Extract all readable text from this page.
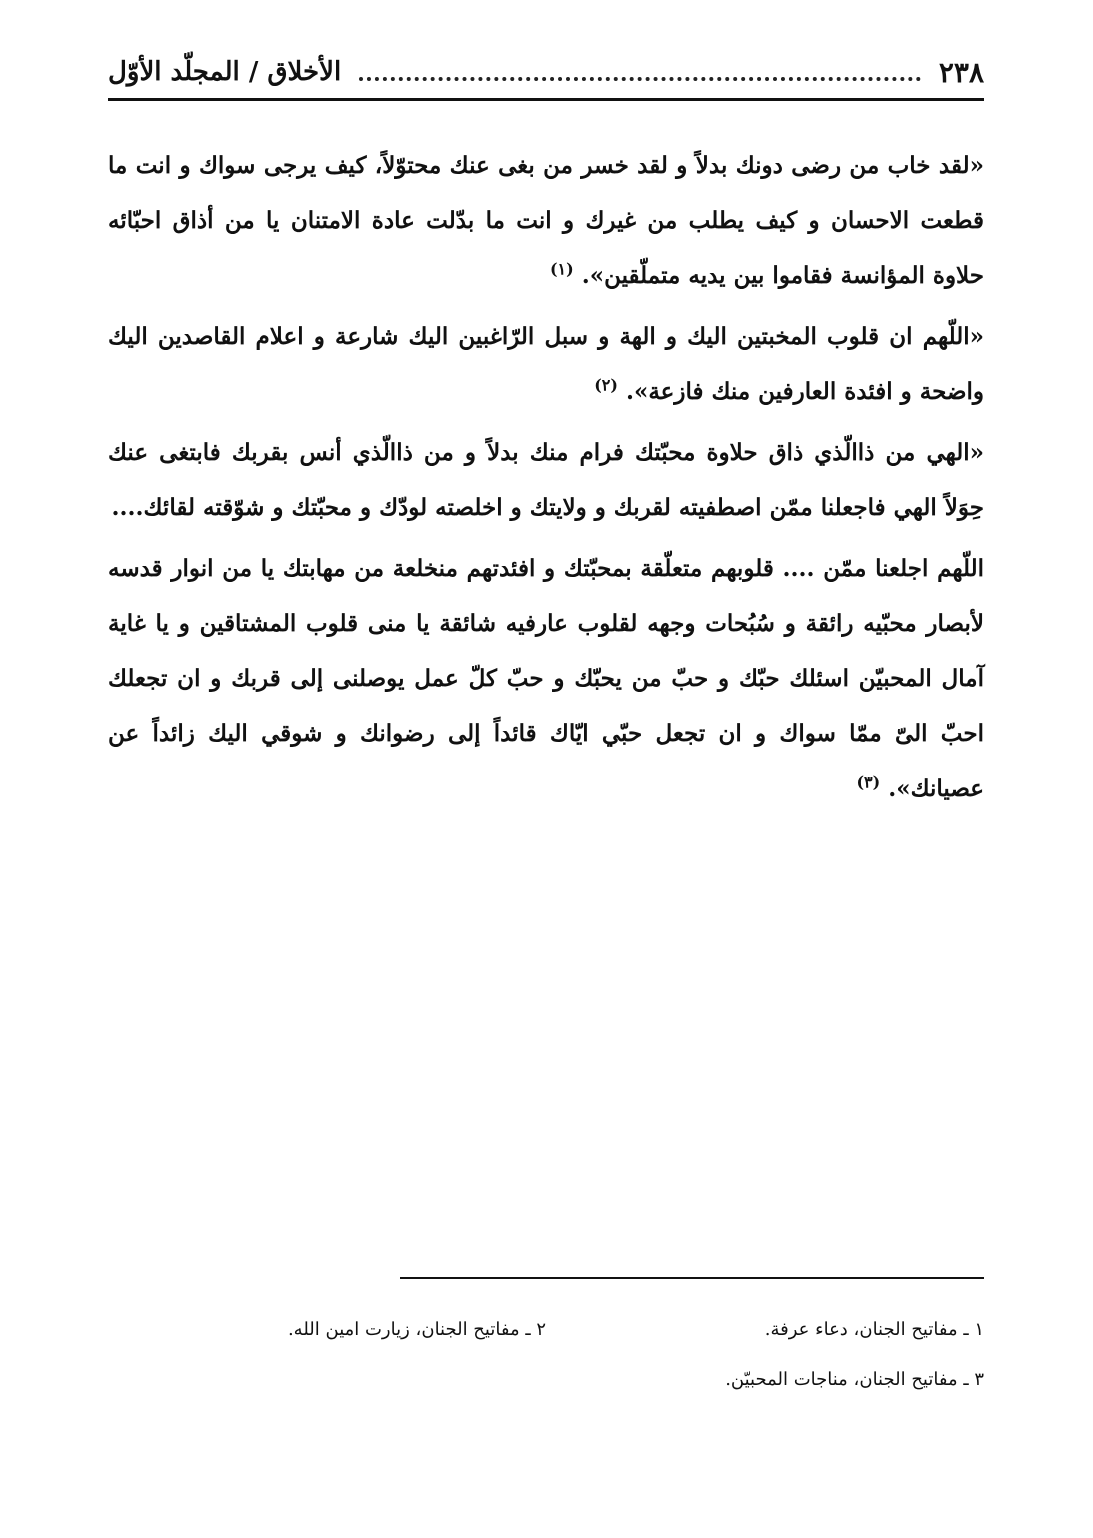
٢٣٨
الأخلاق / المجلّد الأوّل

«لقد خاب من رضى دونك بدلاً و لقد خسر من بغى عنك محتوّلاً، كيف يرجى سواك و انت ما قطعت الاحسان و كيف يطلب من غيرك و انت ما بدّلت عادة الامتنان يا من أذاق احبّائه حلاوة المؤانسة فقاموا بين يديه متملّقين». $^{(١)}$

«اللّهم ان قلوب المخبتين اليك و الهة و سبل الرّاغبين اليك شارعة و اعلام القاصدين اليك واضحة و افئدة العارفين منك فازعة». $^{(٢)}$

«الهي من ذاالّذي ذاق حلاوة محبّتك فرام منك بدلاً و من ذاالّذي أنس بقربك فابتغى عنك حِوَلاً الهي فاجعلنا ممّن اصطفيته لقربك و ولايتك و اخلصته لودّك و محبّتك و شوّقته لقائك....

اللّهم اجلعنا ممّن .... قلوبهم متعلّقة بمحبّتك و افئدتهم منخلعة من مهابتك يا من انوار قدسه لأبصار محبّيه رائقة و سُبُحات وجهه لقلوب عارفيه شائقة يا منى قلوب المشتاقين و يا غاية آمال المحبيّن اسئلك حبّك و حبّ من يحبّك و حبّ كلّ عمل يوصلنى إلى قربك و ان تجعلك احبّ الىّ ممّا سواك و ان تجعل حبّي ايّاك قائداً إلى رضوانك و شوقي اليك زائداً عن عصيانك». $^{(٣)}$

١ ـ مفاتيح الجنان، دعاء عرفة.
٢ ـ مفاتيح الجنان، زيارت امين الله.
٣ ـ مفاتيح الجنان، مناجات المحبيّن.
